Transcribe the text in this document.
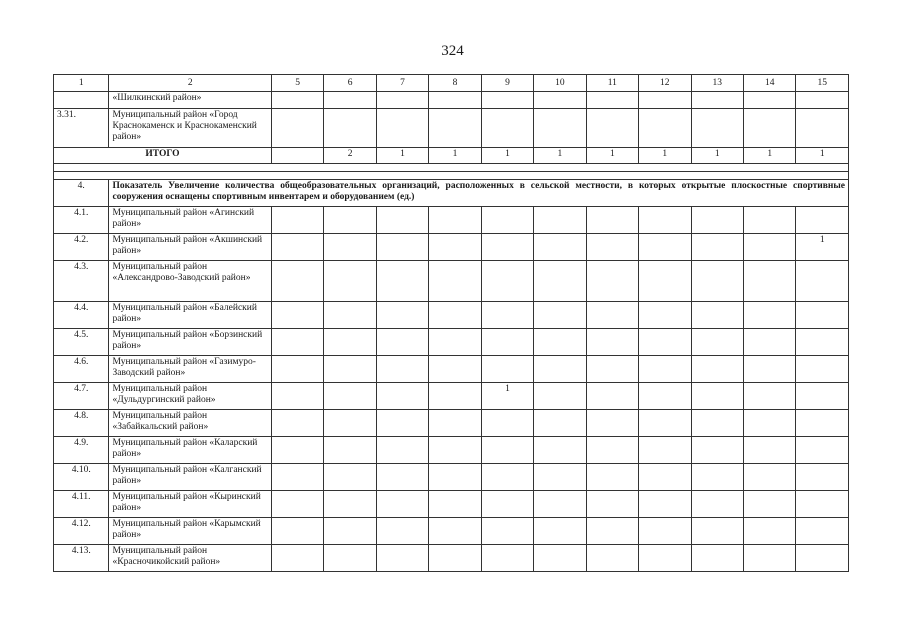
324
1	2	5	6	7	8	9	10	11	12	13	14	15
	«Шилкинский район»											
3.31.	Муниципальный район «Город Краснокаменск и Краснокаменский район»											
ИТОГО			2	1	1	1	1	1	1	1	1	1

4.	Показатель Увеличение количества общеобразовательных организаций, расположенных в сельской местности, в которых открытые плоскостные спортивные сооружения оснащены спортивным инвентарем и оборудованием (ед.)											
4.1.	Муниципальный район «Агинский район»											
4.2.	Муниципальный район «Акшинский район»											1
4.3.	Муниципальный район «Александрово-Заводский район»											
4.4.	Муниципальный район «Балейский район»											
4.5.	Муниципальный район «Борзинский район»											
4.6.	Муниципальный район «Газимуро-Заводский район»											
4.7.	Муниципальный район «Дульдургинский район»					1						
4.8.	Муниципальный район «Забайкальский район»											
4.9.	Муниципальный район «Каларский район»											
4.10.	Муниципальный район «Калганский район»											
4.11.	Муниципальный район «Кыринский район»											
4.12.	Муниципальный район «Карымский район»											
4.13.	Муниципальный район «Красночикойский район»											
